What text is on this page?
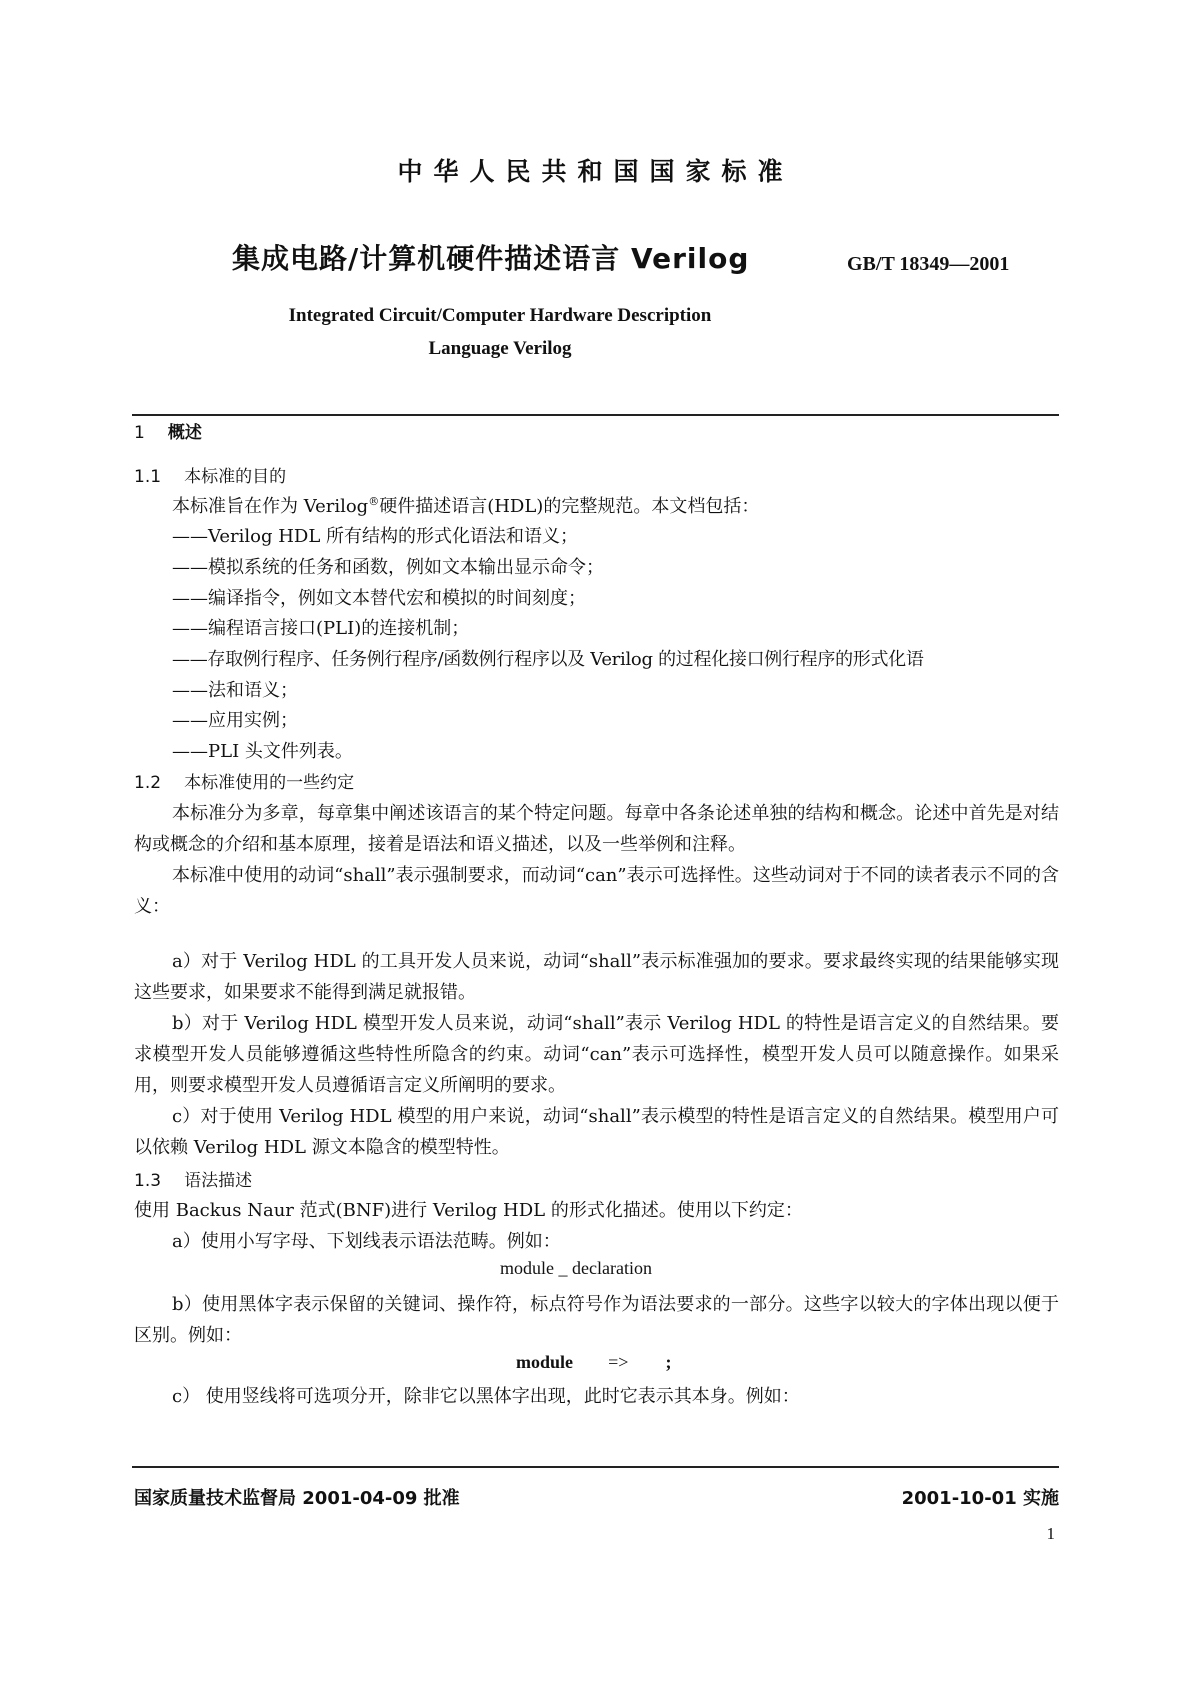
中华人民共和国国家标准
集成电路/计算机硬件描述语言 Verilog	GB/T 18349—2001
Integrated Circuit/Computer Hardware Description
Language Verilog
1 概述
1.1 本标准的目的
本标准旨在作为 Verilog®硬件描述语言(HDL)的完整规范。本文档包括：
——Verilog HDL 所有结构的形式化语法和语义；
——模拟系统的任务和函数，例如文本输出显示命令；
——编译指令，例如文本替代宏和模拟的时间刻度；
——编程语言接口(PLI)的连接机制；
——存取例行程序、任务例行程序/函数例行程序以及 Verilog 的过程化接口例行程序的形式化语
——法和语义；
——应用实例；
——PLI 头文件列表。
1.2 本标准使用的一些约定
本标准分为多章，每章集中阐述该语言的某个特定问题。每章中各条论述单独的结构和概念。论述中首先是对结构或概念的介绍和基本原理，接着是语法和语义描述，以及一些举例和注释。
本标准中使用的动词“shall”表示强制要求，而动词“can”表示可选择性。这些动词对于不同的读者表示不同的含义：
a）对于 Verilog HDL 的工具开发人员来说，动词“shall”表示标准强加的要求。要求最终实现的结果能够实现这些要求，如果要求不能得到满足就报错。
b）对于 Verilog HDL 模型开发人员来说，动词“shall”表示 Verilog HDL 的特性是语言定义的自然结果。要求模型开发人员能够遵循这些特性所隐含的约束。动词“can”表示可选择性，模型开发人员可以随意操作。如果采用，则要求模型开发人员遵循语言定义所阐明的要求。
c）对于使用 Verilog HDL 模型的用户来说，动词“shall”表示模型的特性是语言定义的自然结果。模型用户可以依赖 Verilog HDL 源文本隐含的模型特性。
1.3 语法描述
使用 Backus Naur 范式(BNF)进行 Verilog HDL 的形式化描述。使用以下约定：
a）使用小写字母、下划线表示语法范畴。例如：
module _ declaration
b）使用黑体字表示保留的关键词、操作符，标点符号作为语法要求的一部分。这些字以较大的字体出现以便于区别。例如：
module => ;
c） 使用竖线将可选项分开，除非它以黑体字出现，此时它表示其本身。例如：
国家质量技术监督局 2001-04-09 批准	2001-10-01 实施
1
